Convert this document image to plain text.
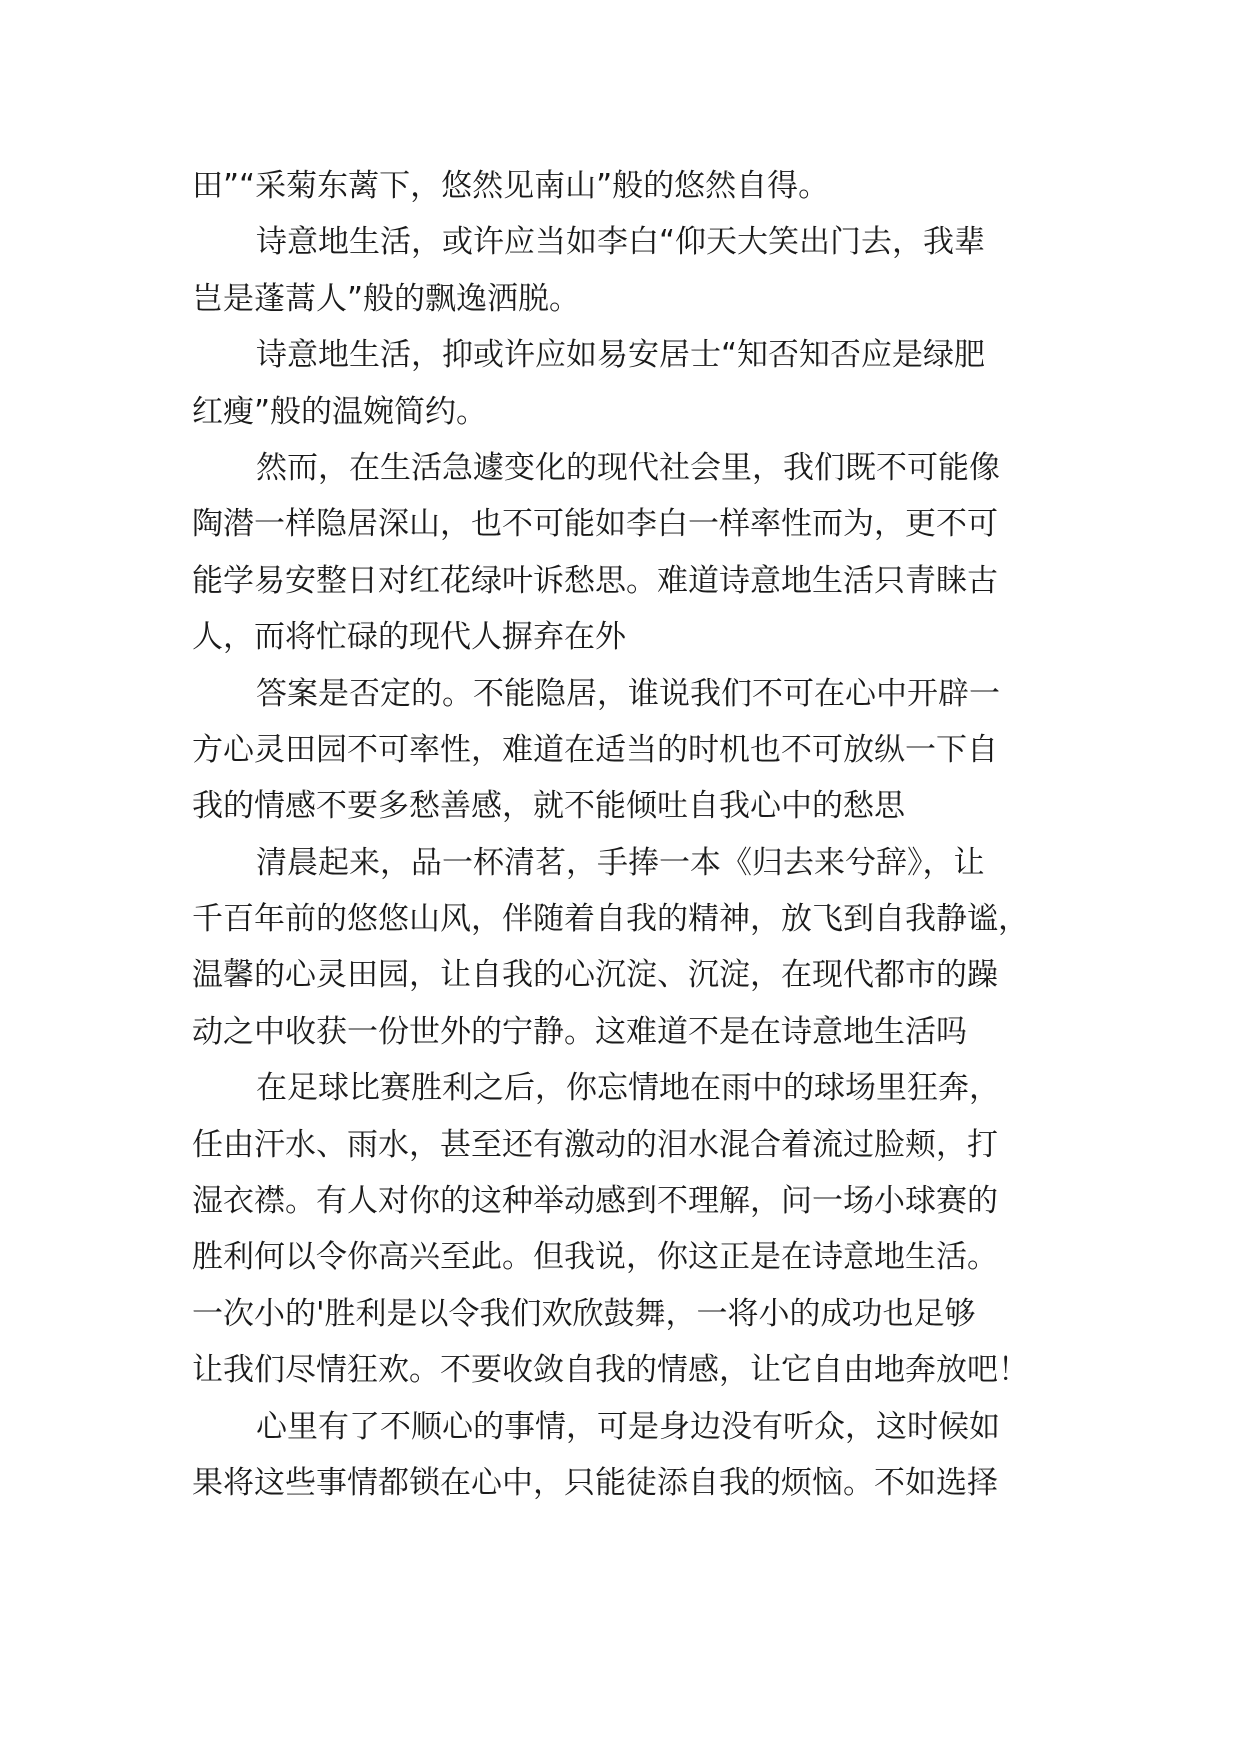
田”“采菊东蓠下，悠然见南山”般的悠然自得。
诗意地生活，或许应当如李白“仰天大笑出门去，我辈
岂是蓬蒿人”般的飘逸洒脱。
诗意地生活，抑或许应如易安居士“知否知否应是绿肥
红瘦”般的温婉简约。
然而，在生活急遽变化的现代社会里，我们既不可能像
陶潜一样隐居深山，也不可能如李白一样率性而为，更不可
能学易安整日对红花绿叶诉愁思。难道诗意地生活只青睐古
人，而将忙碌的现代人摒弃在外
答案是否定的。不能隐居，谁说我们不可在心中开辟一
方心灵田园不可率性，难道在适当的时机也不可放纵一下自
我的情感不要多愁善感，就不能倾吐自我心中的愁思
清晨起来，品一杯清茗，手捧一本《归去来兮辞》，让
千百年前的悠悠山风，伴随着自我的精神，放飞到自我静谧，
温馨的心灵田园，让自我的心沉淀、沉淀，在现代都市的躁
动之中收获一份世外的宁静。这难道不是在诗意地生活吗
在足球比赛胜利之后，你忘情地在雨中的球场里狂奔，
任由汗水、雨水，甚至还有激动的泪水混合着流过脸颊，打
湿衣襟。有人对你的这种举动感到不理解，问一场小球赛的
胜利何以令你高兴至此。但我说，你这正是在诗意地生活。
一次小的'胜利是以令我们欢欣鼓舞，一将小的成功也足够
让我们尽情狂欢。不要收敛自我的情感，让它自由地奔放吧！
心里有了不顺心的事情，可是身边没有听众，这时候如
果将这些事情都锁在心中，只能徒添自我的烦恼。不如选择
